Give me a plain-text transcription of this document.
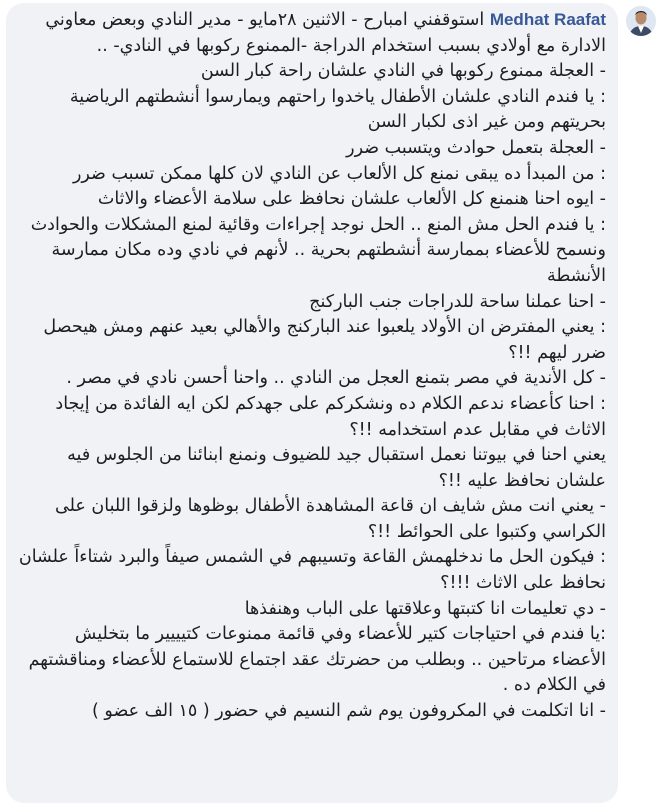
Medhat Raafat استوقفني امبارح - الاثنين ٢٨مايو - مدير النادي وبعض معاوني الادارة مع أولادي بسبب استخدام الدراجة -الممنوع ركوبها في النادي- ..

- العجلة ممنوع ركوبها في النادي علشان راحة كبار السن

: يا فندم النادي علشان الأطفال ياخدوا راحتهم ويمارسوا أنشطتهم الرياضية بحريتهم ومن غير اذى لكبار السن

- العجلة بتعمل حوادث ويتسبب ضرر

: من المبدأ ده يبقى نمنع كل الألعاب عن النادي لان كلها ممكن تسبب ضرر

- ايوه احنا هنمنع كل الألعاب علشان نحافظ على سلامة الأعضاء والاثاث

: يا فندم الحل مش المنع .. الحل نوجد إجراءات وقائية لمنع المشكلات والحوادث ونسمح للأعضاء بممارسة أنشطتهم بحرية .. لأنهم في نادي وده مكان ممارسة الأنشطة

- احنا عملنا ساحة للدراجات جنب الباركنج

: يعني المفترض ان الأولاد يلعبوا عند الباركنج والأهالي بعيد عنهم ومش هيحصل ضرر ليهم !!؟

- كل الأندية في مصر بتمنع العجل من النادي .. واحنا أحسن نادي في مصر .

: احنا كأعضاء ندعم الكلام ده ونشكركم على جهدكم لكن ايه الفائدة من إيجاد الاثاث في مقابل عدم استخدامه !!؟

يعني احنا في بيوتنا نعمل استقبال جيد للضيوف ونمنع ابنائنا من الجلوس فيه علشان نحافظ عليه !!؟

- يعني انت مش شايف ان قاعة المشاهدة الأطفال بوظوها ولزقوا اللبان على الكراسي وكتبوا على الحوائط !!؟

: فيكون الحل ما ندخلهمش القاعة وتسيبهم في الشمس صيفاً والبرد شتاءاً علشان نحافظ على الاثاث !!!؟

- دي تعليمات انا كتبتها وعلاقتها على الباب وهنفذها

:يا فندم في احتياجات كتير للأعضاء وفي قائمة ممنوعات كتيييير ما بتخليش الأعضاء مرتاحين .. وبطلب من حضرتك عقد اجتماع للاستماع للأعضاء ومناقشتهم في الكلام ده .

- انا اتكلمت في المكروفون يوم شم النسيم في حضور ( ١٥ الف عضو )
